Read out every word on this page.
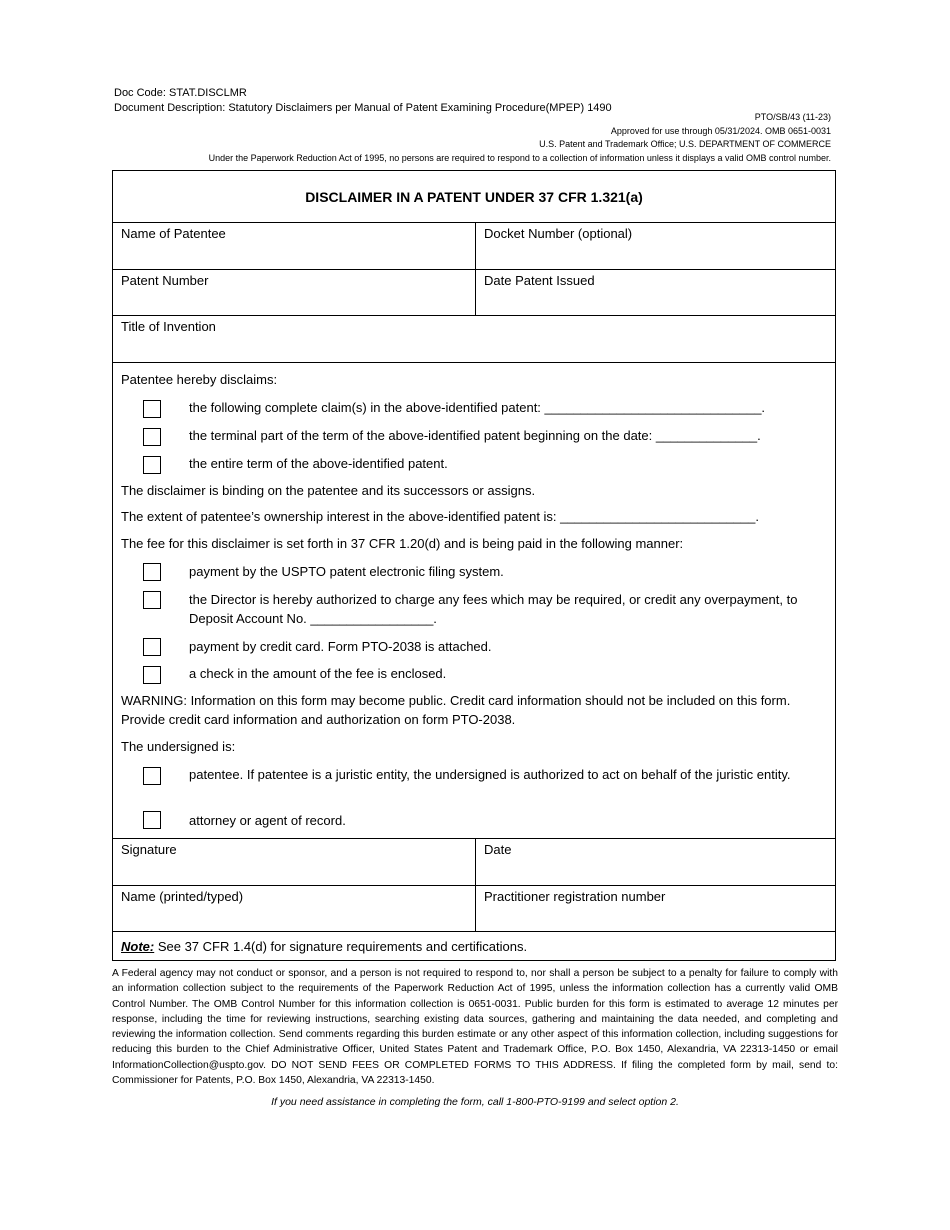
Doc Code: STAT.DISCLMR
Document Description: Statutory Disclaimers per Manual of Patent Examining Procedure(MPEP) 1490
PTO/SB/43 (11-23)
Approved for use through 05/31/2024. OMB 0651-0031
U.S. Patent and Trademark Office; U.S. DEPARTMENT OF COMMERCE
Under the Paperwork Reduction Act of 1995, no persons are required to respond to a collection of information unless it displays a valid OMB control number.
DISCLAIMER IN A PATENT UNDER 37 CFR 1.321(a)
Name of Patentee	Docket Number (optional)
Patent Number	Date Patent Issued
Title of Invention
Patentee hereby disclaims:
the following complete claim(s) in the above-identified patent: ______________________________.
the terminal part of the term of the above-identified patent beginning on the date: ______________.
the entire term of the above-identified patent.
The disclaimer is binding on the patentee and its successors or assigns.
The extent of patentee’s ownership interest in the above-identified patent is: ___________________________.
The fee for this disclaimer is set forth in 37 CFR 1.20(d) and is being paid in the following manner:
payment by the USPTO patent electronic filing system.
the Director is hereby authorized to charge any fees which may be required, or credit any overpayment, to Deposit Account No. _________________.
payment by credit card. Form PTO-2038 is attached.
a check in the amount of the fee is enclosed.
WARNING: Information on this form may become public. Credit card information should not be included on this form. Provide credit card information and authorization on form PTO-2038.
The undersigned is:
patentee. If patentee is a juristic entity, the undersigned is authorized to act on behalf of the juristic entity.
attorney or agent of record.
Signature	Date
Name (printed/typed)	Practitioner registration number
Note: See 37 CFR 1.4(d) for signature requirements and certifications.
A Federal agency may not conduct or sponsor, and a person is not required to respond to, nor shall a person be subject to a penalty for failure to comply with an information collection subject to the requirements of the Paperwork Reduction Act of 1995, unless the information collection has a currently valid OMB Control Number. The OMB Control Number for this information collection is 0651-0031. Public burden for this form is estimated to average 12 minutes per response, including the time for reviewing instructions, searching existing data sources, gathering and maintaining the data needed, and completing and reviewing the information collection. Send comments regarding this burden estimate or any other aspect of this information collection, including suggestions for reducing this burden to the Chief Administrative Officer, United States Patent and Trademark Office, P.O. Box 1450, Alexandria, VA 22313-1450 or email InformationCollection@uspto.gov. DO NOT SEND FEES OR COMPLETED FORMS TO THIS ADDRESS. If filing the completed form by mail, send to: Commissioner for Patents, P.O. Box 1450, Alexandria, VA 22313-1450.
If you need assistance in completing the form, call 1-800-PTO-9199 and select option 2.
